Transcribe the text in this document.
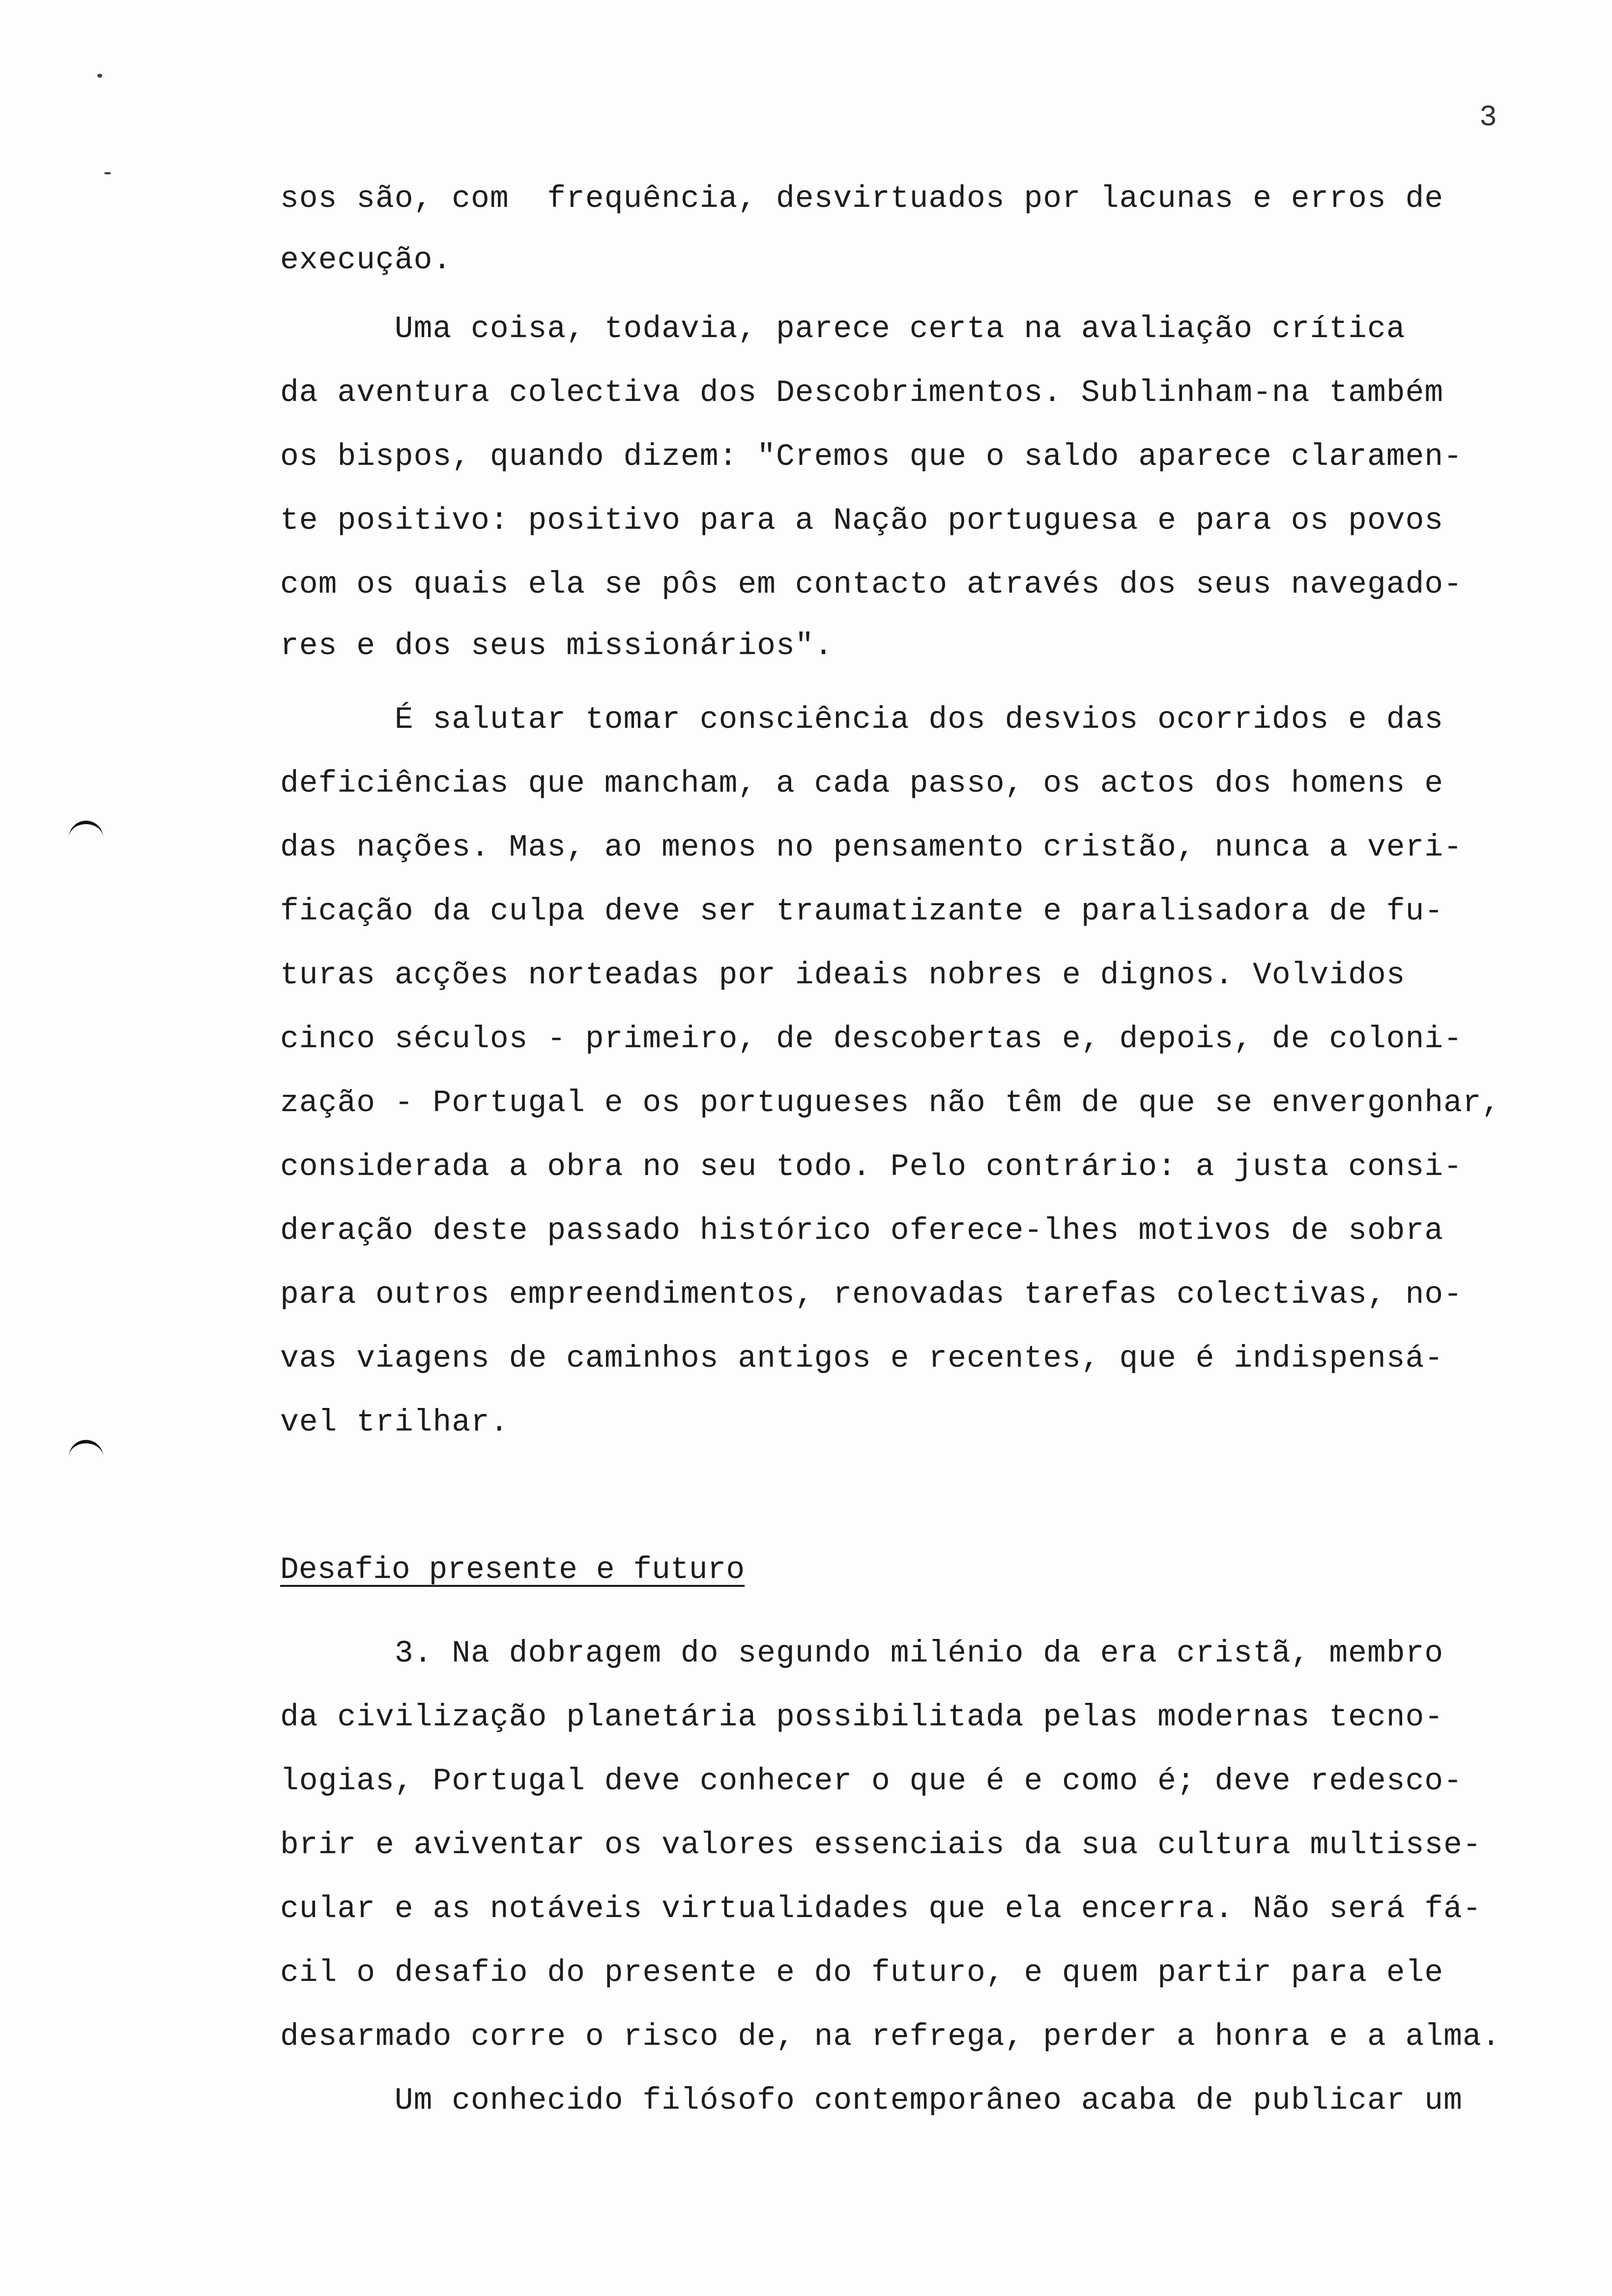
3
sos são, com  frequência, desvirtuados por lacunas e erros de
execução.
Uma coisa, todavia, parece certa na avaliação crítica
da aventura colectiva dos Descobrimentos. Sublinham-na também
os bispos, quando dizem: "Cremos que o saldo aparece claramen-
te positivo: positivo para a Nação portuguesa e para os povos
com os quais ela se pôs em contacto através dos seus navegado-
res e dos seus missionários".
É salutar tomar consciência dos desvios ocorridos e das
deficiências que mancham, a cada passo, os actos dos homens e
das nações. Mas, ao menos no pensamento cristão, nunca a veri-
ficação da culpa deve ser traumatizante e paralisadora de fu-
turas acções norteadas por ideais nobres e dignos. Volvidos
cinco séculos - primeiro, de descobertas e, depois, de coloni-
zação - Portugal e os portugueses não têm de que se envergonhar,
considerada a obra no seu todo. Pelo contrário: a justa consi-
deração deste passado histórico oferece-lhes motivos de sobra
para outros empreendimentos, renovadas tarefas colectivas, no-
vas viagens de caminhos antigos e recentes, que é indispensá-
vel trilhar.
Desafio presente e futuro
3. Na dobragem do segundo milénio da era cristã, membro
da civilização planetária possibilitada pelas modernas tecno-
logias, Portugal deve conhecer o que é e como é; deve redesco-
brir e aviventar os valores essenciais da sua cultura multisse-
cular e as notáveis virtualidades que ela encerra. Não será fá-
cil o desafio do presente e do futuro, e quem partir para ele
desarmado corre o risco de, na refrega, perder a honra e a alma.
Um conhecido filósofo contemporâneo acaba de publicar um
